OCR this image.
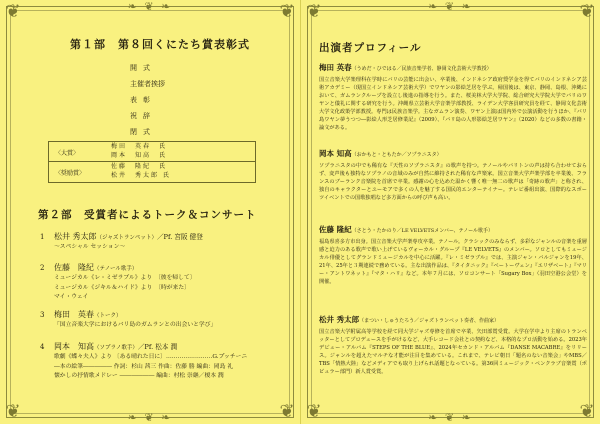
❦	❦
❦	❦
❧ ❦ ❧
❧ ❦ ❧
第１部　第８回くにたち賞表彰式
開式
主催者挨拶
表彰
祝辞
閉式
〈大賞〉
梅田　英春　氏
岡本　知高　氏
〈奨励賞〉
佐藤　隆紀　氏
松井　秀太郎 氏
第２部　受賞者によるトーク＆コンサート
1 松井 秀太郎（ジャズトランペット）／Pf. 宮阪 健登
～スペシャル セッション～
2 佐藤　隆紀（テノール歌手）
ミュージカル《レ・ミゼラブル》より　〔彼を帰して〕
ミュージカル《ジキル＆ハイド》より　〔時が来た〕
マイ・ウェイ
3 梅田　英春（トーク）
「国立音楽大学におけるバリ島のガムランとの出会いと学び」
4 岡本　知高（ソプラノ歌手）／Pf. 松本 潤
歌劇《蝶々夫人》より 〔ある晴れた日に〕……………………G.プッチーニ
―本の絵筆――――― 作詞：杉山 茜三 作曲：佐藤 勝 編曲：岡島 礼
懐かしの抒情歌メドレー ―――――― 編曲：村松 崇継／榎本 潤
❦	❦
❦	❦
❧ ❦ ❧
❧ ❦ ❧
出演者プロフィール
梅田 英春（うめだ・ひではる／民族音楽学者、静岡文化芸術大学教授）
国立音楽大学楽理科在学時にバリの芸能に出会い、卒業後、インドネシア政府奨学金を得てバリのインドネシア芸術アカデミー（現国立インドネシア芸術大学）でワヤンの影絵芝居を学ぶ。帰国後は、東京、静岡、島根、沖縄において、ガムランクループを設立し後進の指導を行う。また、桜美林大学大学院、総合研究大学院大学でバリのワヤンと儀礼に関する研究を行う。沖縄県立芸術大学音楽学部教授、ライデン大学客員研究員を経て、静岡文化芸術大学文化政策学部教授。専門は民族音楽学。主なガムラン演奏、ワヤン上演は国内外で公演活動を行うほか、『バリ島ワヤン夢うつつ―影絵人形芝居修業記』（2009）、『バリ島の人形影絵芝居ワヤン』（2020）などの多数の書籍・論文がある。
岡本 知高（おかもと・ともたか／ソプラニスタ）
ソプラニスタの中でも稀有な『天性のソプラニスタ』の歌声を持つ。テノールやバリトンの声は持ち合わせておらず、変声後も独特なソプラノの音域のみが自然に維持された稀有な声楽家。国立音楽大学声楽学部を卒業後、フランスのブーランク音楽院を首席で卒業。感謝の心を込めた温かく響く唯一無二の歌声は「奇跡の歌声」と称され、独自のキャラクターとユーモアで多くの人を魅了する国民的エンターテイナー。テレビ番組出演、国際的なスポーツイベントでの国歌独唱など多方面からの呼び声も高い。
佐藤 隆紀（さとう・たかのり／LE VELVETSメンバー、テノール歌手）
福島県喜多方市出身。国立音楽大学声楽専攻卒業。テノール。クラシックのみならず、多彩なジャンルの音楽を重層感と迫力のある歌声で歌い上げているヴォーカル・グループ『LE VELVETS』のメンバー。ソロとしてもミュージカル俳優としてグランドミュージカルを中心に活躍。『レ・ミゼラブル』では、主演ジャン・バルジャンを19年、21年、25年と３期連続で務めている。主な出演作品は、『タイタニック』『ベートーヴェン』『エリザベート』『マリー・アントワネット』『マタ・ハリ』など。本年７月には、ソロコンサート「Sugary Box」（羽田空港公会堂）を開催。
松井 秀太郎（まつい・しゅうたろう／ジャズトランペット奏者、作曲家）
国立音楽大学附属高等学校を経て同大学ジャズ専修を首席で卒業、矢田部賞受賞。大学在学中より主席のトランペッターとしてプロデュースを手がけるなど、大手レコード会社との契約など、本格的なプロ活動を始める。2023年デビュー・アルバム『STEPS OF THE BLUE』、2024年セカンド・アルバム『DANSE MACABRE』をリリース。ジャンルを超えたマルチな才能が注目を集めている。これまで、テレビ朝日「題名のない音楽会」やMBS／TBS「情熱大陸」などメディアでも取り上げられ話題となっている。第36回ミュージック・ペンクラブ音楽賞（ポピュラー部門）新人賞受賞。
